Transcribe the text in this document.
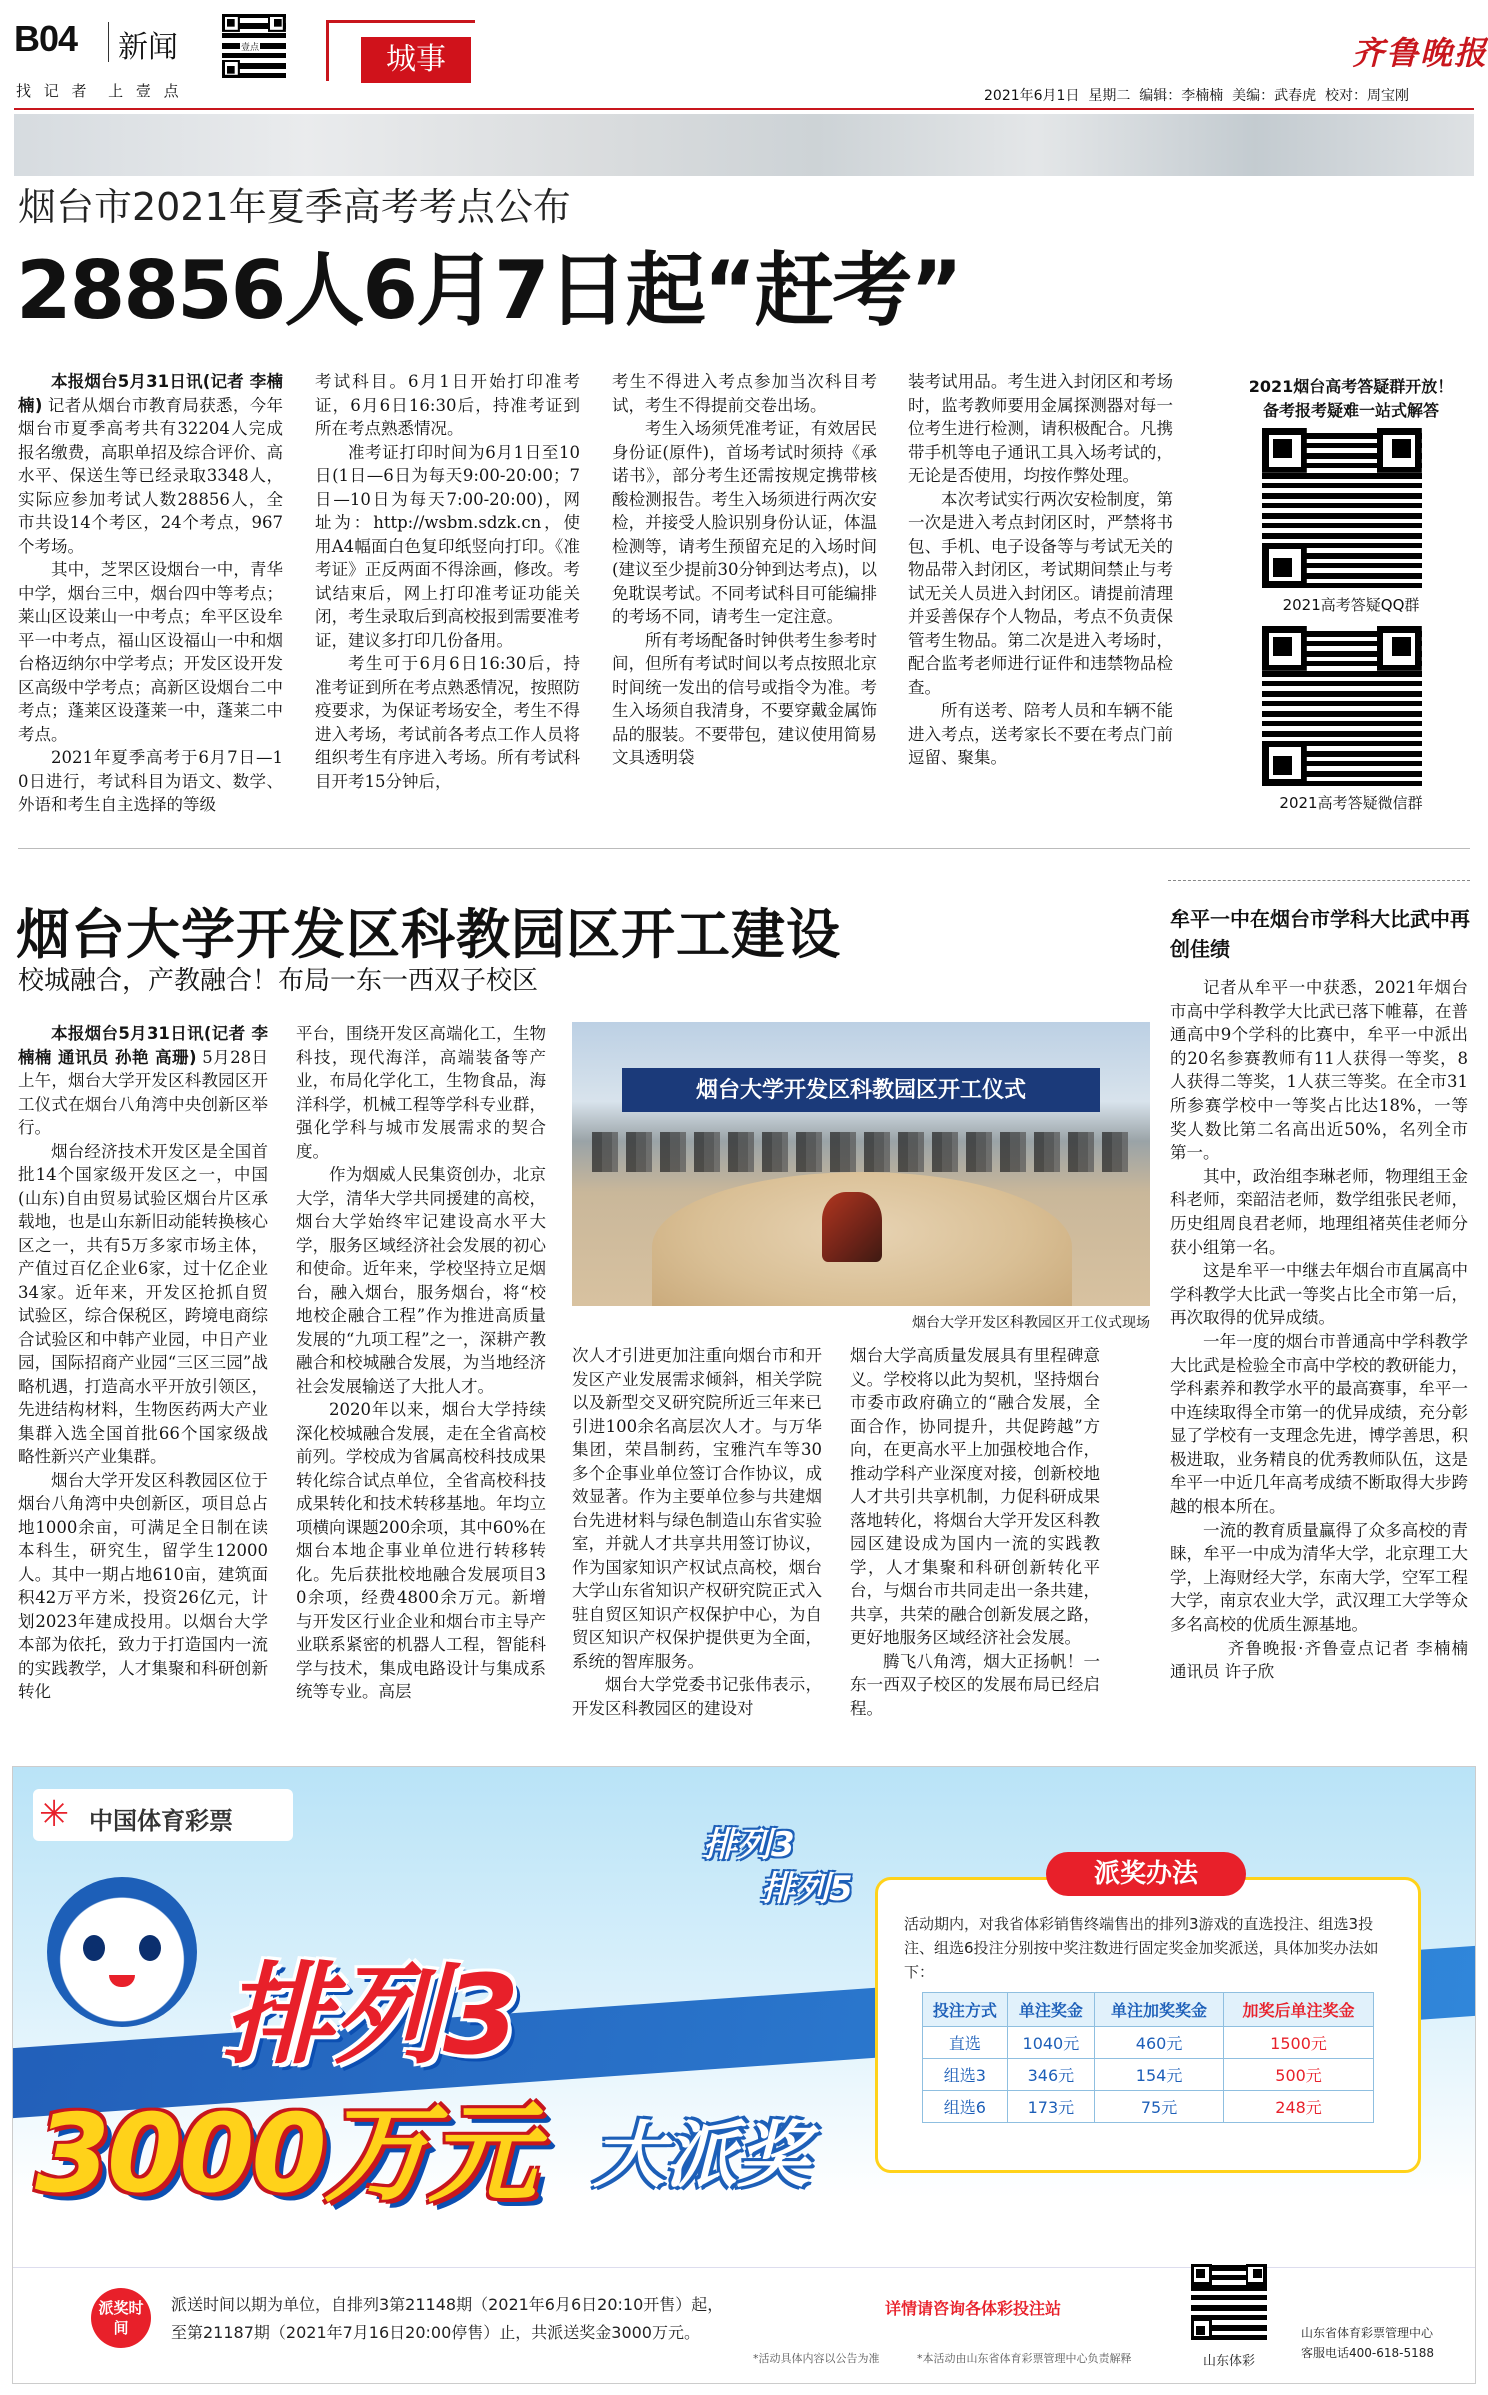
B04 新闻
找 记 者  上 壹 点
壹点	城事	齐鲁晚报
2021年6月1日  星期二  编辑：李楠楠  美编：武春虎  校对：周宝刚
烟台市2021年夏季高考考点公布
28856人6月7日起“赶考”

本报烟台5月31日讯(记者 李楠楠) 记者从烟台市教育局获悉，今年烟台市夏季高考共有32204人完成报名缴费，高职单招及综合评价、高水平、保送生等已经录取3348人，实际应参加考试人数28856人，全市共设14个考区，24个考点，967个考场。

其中，芝罘区设烟台一中，青华中学，烟台三中，烟台四中等考点；莱山区设莱山一中考点；牟平区设牟平一中考点，福山区设福山一中和烟台格迈纳尔中学考点；开发区设开发区高级中学考点；高新区设烟台二中考点；蓬莱区设蓬莱一中，蓬莱二中考点。

2021年夏季高考于6月7日—10日进行，考试科目为语文、数学、外语和考生自主选择的等级

考试科目。6月1日开始打印准考证，6月6日16:30后，持准考证到所在考点熟悉情况。

准考证打印时间为6月1日至10日(1日—6日为每天9:00-20:00；7日—10日为每天7:00-20:00)，网址为：http://wsbm.sdzk.cn，使用A4幅面白色复印纸竖向打印。《准考证》正反两面不得涂画，修改。考试结束后，网上打印准考证功能关闭，考生录取后到高校报到需要准考证，建议多打印几份备用。

考生可于6月6日16:30后，持准考证到所在考点熟悉情况，按照防疫要求，为保证考场安全，考生不得进入考场，考试前各考点工作人员将组织考生有序进入考场。所有考试科目开考15分钟后，

考生不得进入考点参加当次科目考试，考生不得提前交卷出场。

考生入场须凭准考证，有效居民身份证(原件)，首场考试时须持《承诺书》，部分考生还需按规定携带核酸检测报告。考生入场须进行两次安检，并接受人脸识别身份认证，体温检测等，请考生预留充足的入场时间(建议至少提前30分钟到达考点)，以免耽误考试。不同考试科目可能编排的考场不同，请考生一定注意。

所有考场配备时钟供考生参考时间，但所有考试时间以考点按照北京时间统一发出的信号或指令为准。考生入场须自我清身，不要穿戴金属饰品的服装。不要带包，建议使用简易文具透明袋

装考试用品。考生进入封闭区和考场时，监考教师要用金属探测器对每一位考生进行检测，请积极配合。凡携带手机等电子通讯工具入场考试的，无论是否使用，均按作弊处理。

本次考试实行两次安检制度，第一次是进入考点封闭区时，严禁将书包、手机、电子设备等与考试无关的物品带入封闭区，考试期间禁止与考试无关人员进入封闭区。请提前清理并妥善保存个人物品，考点不负责保管考生物品。第二次是进入考场时，配合监考老师进行证件和违禁物品检查。

所有送考、陪考人员和车辆不能进入考点，送考家长不要在考点门前逗留、聚集。

2021烟台高考答疑群开放！
备考报考疑难一站式解答
2021高考答疑QQ群
2021高考答疑微信群
烟台大学开发区科教园区开工建设
校城融合，产教融合！布局一东一西双子校区
烟台大学开发区科教园区开工仪式
烟台大学开发区科教园区开工仪式现场

本报烟台5月31日讯(记者 李楠楠 通讯员 孙艳 高珊) 5月28日上午，烟台大学开发区科教园区开工仪式在烟台八角湾中央创新区举行。

烟台经济技术开发区是全国首批14个国家级开发区之一，中国(山东)自由贸易试验区烟台片区承载地，也是山东新旧动能转换核心区之一，共有5万多家市场主体，产值过百亿企业6家，过十亿企业34家。近年来，开发区抢抓自贸试验区，综合保税区，跨境电商综合试验区和中韩产业园，中日产业园，国际招商产业园“三区三园”战略机遇，打造高水平开放引领区，先进结构材料，生物医药两大产业集群入选全国首批66个国家级战略性新兴产业集群。

烟台大学开发区科教园区位于烟台八角湾中央创新区，项目总占地1000余亩，可满足全日制在读本科生，研究生，留学生12000人。其中一期占地610亩，建筑面积42万平方米，投资26亿元，计划2023年建成投用。以烟台大学本部为依托，致力于打造国内一流的实践教学，人才集聚和科研创新转化

平台，围绕开发区高端化工，生物科技，现代海洋，高端装备等产业，布局化学化工，生物食品，海洋科学，机械工程等学科专业群，强化学科与城市发展需求的契合度。

作为烟威人民集资创办，北京大学，清华大学共同援建的高校，烟台大学始终牢记建设高水平大学，服务区域经济社会发展的初心和使命。近年来，学校坚持立足烟台，融入烟台，服务烟台，将“校地校企融合工程”作为推进高质量发展的“九项工程”之一，深耕产教融合和校城融合发展，为当地经济社会发展输送了大批人才。

2020年以来，烟台大学持续深化校城融合发展，走在全省高校前列。学校成为省属高校科技成果转化综合试点单位，全省高校科技成果转化和技术转移基地。年均立项横向课题200余项，其中60%在烟台本地企事业单位进行转移转化。先后获批校地融合发展项目30余项，经费4800余万元。新增与开发区行业企业和烟台市主导产业联系紧密的机器人工程，智能科学与技术，集成电路设计与集成系统等专业。高层

次人才引进更加注重向烟台市和开发区产业发展需求倾斜，相关学院以及新型交叉研究院所近三年来已引进100余名高层次人才。与万华集团，荣昌制药，宝雅汽车等30多个企事业单位签订合作协议，成效显著。作为主要单位参与共建烟台先进材料与绿色制造山东省实验室，并就人才共享共用签订协议，作为国家知识产权试点高校，烟台大学山东省知识产权研究院正式入驻自贸区知识产权保护中心，为自贸区知识产权保护提供更为全面，系统的智库服务。

烟台大学党委书记张伟表示，开发区科教园区的建设对

烟台大学高质量发展具有里程碑意义。学校将以此为契机，坚持烟台市委市政府确立的“融合发展，全面合作，协同提升，共促跨越”方向，在更高水平上加强校地合作，推动学科产业深度对接，创新校地人才共引共享机制，力促科研成果落地转化，将烟台大学开发区科教园区建设成为国内一流的实践教学，人才集聚和科研创新转化平台，与烟台市共同走出一条共建，共享，共荣的融合创新发展之路，更好地服务区域经济社会发展。

腾飞八角湾，烟大正扬帆！一东一西双子校区的发展布局已经启程。

牟平一中在烟台市学科大比武中再创佳绩

记者从牟平一中获悉，2021年烟台市高中学科教学大比武已落下帷幕，在普通高中9个学科的比赛中，牟平一中派出的20名参赛教师有11人获得一等奖，8人获得二等奖，1人获三等奖。在全市31所参赛学校中一等奖占比达18%，一等奖人数比第二名高出近50%，名列全市第一。

其中，政治组李琳老师，物理组王金科老师，栾韶洁老师，数学组张民老师，历史组周良君老师，地理组褚英佳老师分获小组第一名。

这是牟平一中继去年烟台市直属高中学科教学大比武一等奖占比全市第一后，再次取得的优异成绩。

一年一度的烟台市普通高中学科教学大比武是检验全市高中学校的教研能力，学科素养和教学水平的最高赛事，牟平一中连续取得全市第一的优异成绩，充分彰显了学校有一支理念先进，博学善思，积极进取，业务精良的优秀教师队伍，这是牟平一中近几年高考成绩不断取得大步跨越的根本所在。

一流的教育质量赢得了众多高校的青睐，牟平一中成为清华大学，北京理工大学，上海财经大学，东南大学，空军工程大学，南京农业大学，武汉理工大学等众多名高校的优质生源基地。

齐鲁晚报·齐鲁壹点记者 李楠楠 通讯员 许子欣

✳ 中国体育彩票
排列3
排列5
排列3
3000万元 大派奖
派奖办法
活动期内，对我省体彩销售终端售出的排列3游戏的直选投注、组选3投注、组选6投注分别按中奖注数进行固定奖金加奖派送，具体加奖办法如下：
投注方式	单注奖金	单注加奖奖金	加奖后单注奖金
直选	1040元	460元	1500元
组选3	346元	154元	500元
组选6	173元	75元	248元
派奖时间
派送时间以期为单位，自排列3第21148期（2021年6月6日20:10开售）起，
至第21187期（2021年7月16日20:00停售）止，共派送奖金3000万元。
详情请咨询各体彩投注站
*活动具体内容以公告为准	*本活动由山东省体育彩票管理中心负责解释	山东体彩
山东省体育彩票管理中心
客服电话400-618-5188
